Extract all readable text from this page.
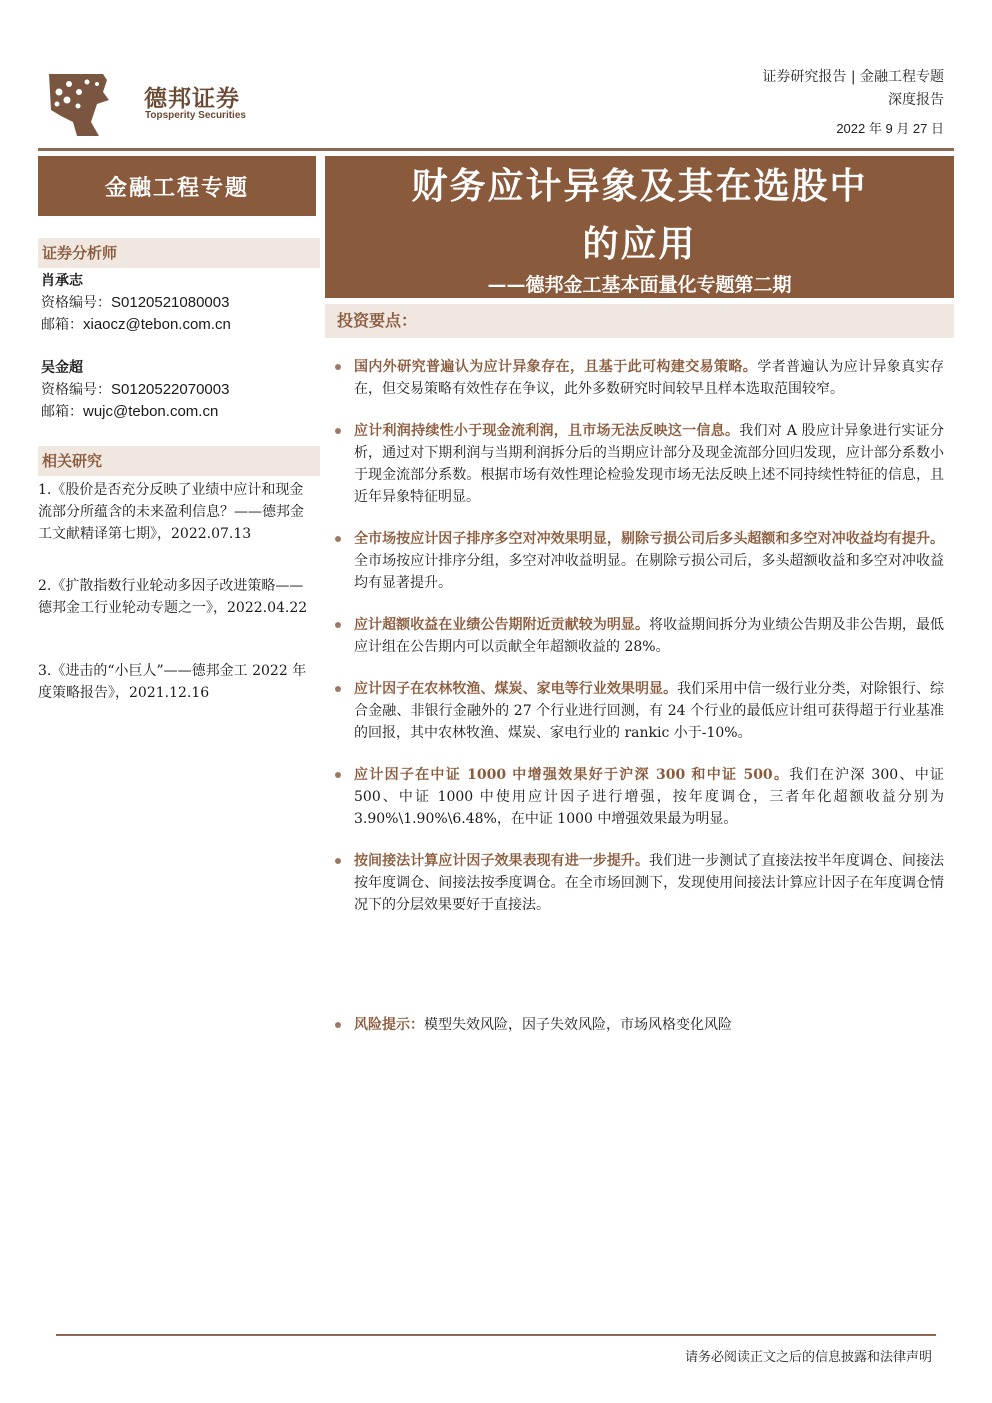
德邦证券
Topsperity Securities
证券研究报告 | 金融工程专题
深度报告
2022 年 9 月 27 日
金融工程专题	财务应计异象及其在选股中
的应用
——德邦金工基本面量化专题第二期
投资要点：
证券分析师
肖承志
资格编号：S0120521080003
邮箱：xiaocz@tebon.com.cn
吴金超
资格编号：S0120522070003
邮箱：wujc@tebon.com.cn
相关研究
1.《股价是否充分反映了业绩中应计和现金流部分所蕴含的未来盈利信息？——德邦金工文献精译第七期》，2022.07.13
2.《扩散指数行业轮动多因子改进策略——德邦金工行业轮动专题之一》，2022.04.22
3.《进击的“小巨人”——德邦金工 2022 年度策略报告》，2021.12.16
国内外研究普遍认为应计异象存在，且基于此可构建交易策略。学者普遍认为应计异象真实存在，但交易策略有效性存在争议，此外多数研究时间较早且样本选取范围较窄。
应计利润持续性小于现金流利润，且市场无法反映这一信息。我们对 A 股应计异象进行实证分析，通过对下期利润与当期利润拆分后的当期应计部分及现金流部分回归发现，应计部分系数小于现金流部分系数。根据市场有效性理论检验发现市场无法反映上述不同持续性特征的信息，且近年异象特征明显。
全市场按应计因子排序多空对冲效果明显，剔除亏损公司后多头超额和多空对冲收益均有提升。全市场按应计排序分组，多空对冲收益明显。在剔除亏损公司后，多头超额收益和多空对冲收益均有显著提升。
应计超额收益在业绩公告期附近贡献较为明显。将收益期间拆分为业绩公告期及非公告期，最低应计组在公告期内可以贡献全年超额收益的 28%。
应计因子在农林牧渔、煤炭、家电等行业效果明显。我们采用中信一级行业分类，对除银行、综合金融、非银行金融外的 27 个行业进行回测，有 24 个行业的最低应计组可获得超于行业基准的回报，其中农林牧渔、煤炭、家电行业的 rankic 小于-10%。
应计因子在中证 1000 中增强效果好于沪深 300 和中证 500。我们在沪深 300、中证 500、中证 1000 中使用应计因子进行增强，按年度调仓，三者年化超额收益分别为 3.90%\1.90%\6.48%，在中证 1000 中增强效果最为明显。
按间接法计算应计因子效果表现有进一步提升。我们进一步测试了直接法按半年度调仓、间接法按年度调仓、间接法按季度调仓。在全市场回测下，发现使用间接法计算应计因子在年度调仓情况下的分层效果要好于直接法。
风险提示：模型失效风险，因子失效风险，市场风格变化风险
请务必阅读正文之后的信息披露和法律声明
